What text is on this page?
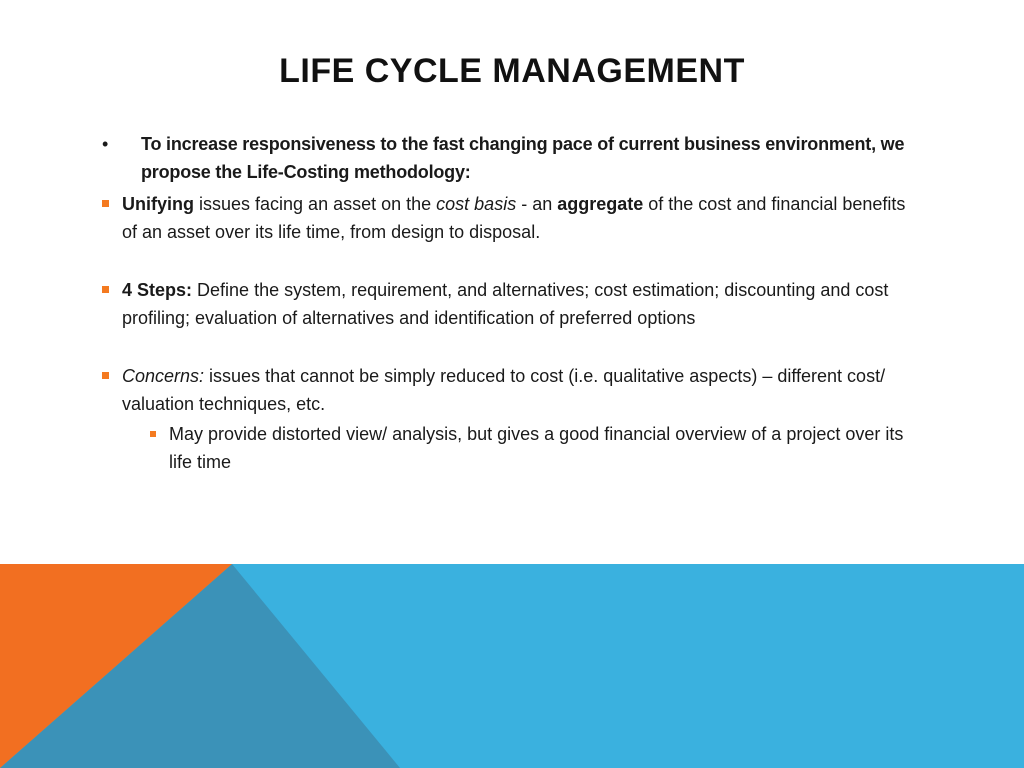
LIFE CYCLE MANAGEMENT
• To increase responsiveness to the fast changing pace of current business environment, we propose the Life-Costing methodology:
Unifying issues facing an asset on the cost basis - an aggregate of the cost and financial benefits of an asset over its life time, from design to disposal.
4 Steps: Define the system, requirement, and alternatives; cost estimation; discounting and cost profiling; evaluation of alternatives and identification of preferred options
Concerns: issues that cannot be simply reduced to cost (i.e. qualitative aspects) – different cost/ valuation techniques, etc.
May provide distorted view/ analysis, but gives a good financial overview of a project over its life time
